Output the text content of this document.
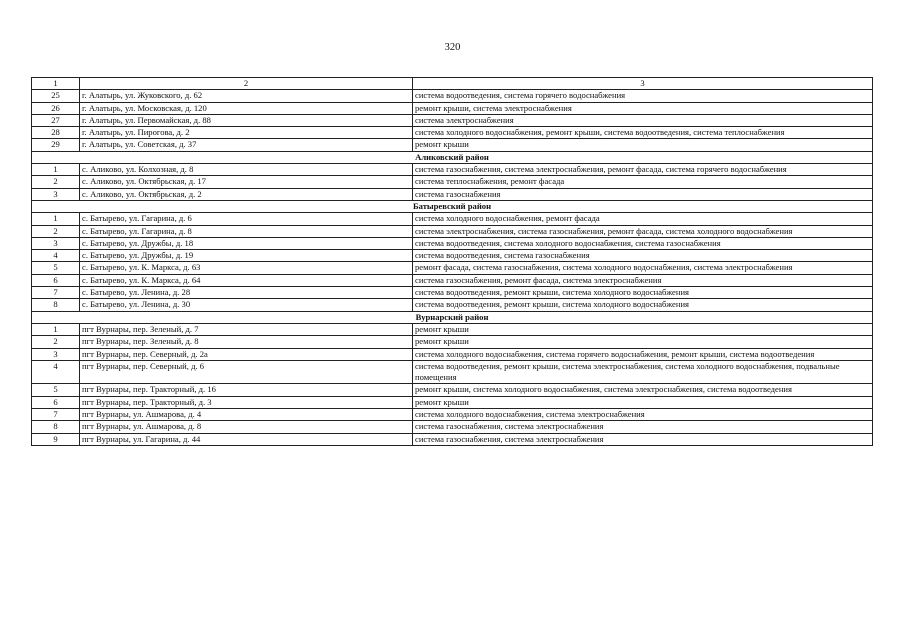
320
1	2	3
25	г. Алатырь, ул. Жуковского, д. 62	система водоотведения, система горячего водоснабжения
26	г. Алатырь, ул. Московская, д. 120	ремонт крыши, система электроснабжения
27	г. Алатырь, ул. Первомайская, д. 88	система электроснабжения
28	г. Алатырь, ул. Пирогова, д. 2	система холодного водоснабжения, ремонт крыши, система водоотведения, система теплоснабжения
29	г. Алатырь, ул. Советская, д. 37	ремонт крыши
Аликовский район		
1	с. Аликово, ул. Колхозная, д. 8	система газоснабжения, система электроснабжения, ремонт фасада, система горячего водоснабжения
2	с. Аликово, ул. Октябрьская, д. 17	система теплоснабжения, ремонт фасада
3	с. Аликово, ул. Октябрьская, д. 2	система газоснабжения
Батыревский район		
1	с. Батырево, ул. Гагарина, д. 6	система холодного водоснабжения, ремонт фасада
2	с. Батырево, ул. Гагарина, д. 8	система электроснабжения, система газоснабжения, ремонт фасада, система холодного водоснабжения
3	с. Батырево, ул. Дружбы, д. 18	система водоотведения, система холодного водоснабжения, система газоснабжения
4	с. Батырево, ул. Дружбы, д. 19	система водоотведения, система газоснабжения
5	с. Батырево, ул. К. Маркса, д. 63	ремонт фасада, система газоснабжения, система холодного водоснабжения, система электроснабжения
6	с. Батырево, ул. К. Маркса, д. 64	система газоснабжения, ремонт фасада, система электроснабжения
7	с. Батырево, ул. Ленина, д. 28	система водоотведения, ремонт крыши, система холодного водоснабжения
8	с. Батырево, ул. Ленина, д. 30	система водоотведения, ремонт крыши, система холодного водоснабжения
Вурнарский район		
1	пгт Вурнары, пер. Зеленый, д. 7	ремонт крыши
2	пгт Вурнары, пер. Зеленый, д. 8	ремонт крыши
3	пгт Вурнары, пер. Северный, д. 2а	система холодного водоснабжения, система горячего водоснабжения, ремонт крыши, система водоотведения
4	пгт Вурнары, пер. Северный, д. 6	система водоотведения, ремонт крыши, система электроснабжения, система холодного водоснабжения, подвальные помещения
5	пгт Вурнары, пер. Тракторный, д. 16	ремонт крыши, система холодного водоснабжения, система электроснабжения, система водоотведения
6	пгт Вурнары, пер. Тракторный, д. 3	ремонт крыши
7	пгт Вурнары, ул. Ашмарова, д. 4	система холодного водоснабжения, система электроснабжения
8	пгт Вурнары, ул. Ашмарова, д. 8	система газоснабжения, система электроснабжения
9	пгт Вурнары, ул. Гагарина, д. 44	система газоснабжения, система электроснабжения
